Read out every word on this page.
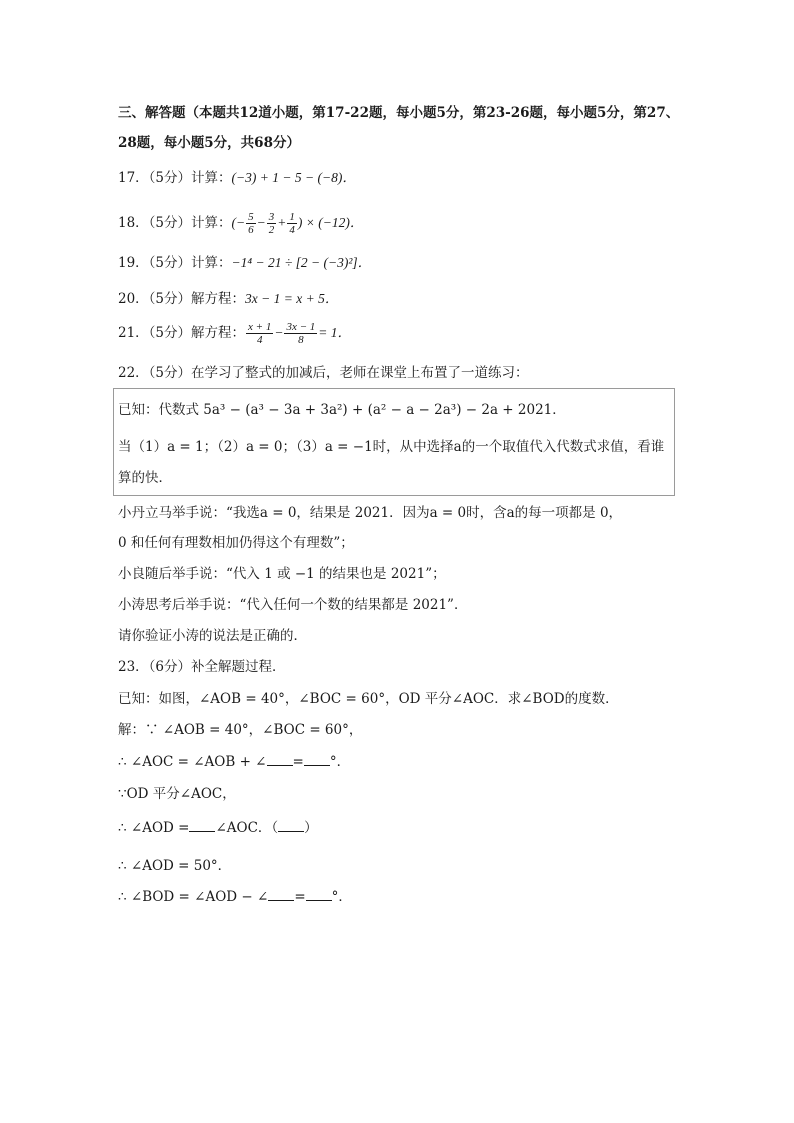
三、解答题（本题共12道小题，第17-22题，每小题5分，第23-26题，每小题5分，第27、
28题，每小题5分，共68分）
17．（5分）计算：(−3) + 1 − 5 − (−8)．
18．（5分）计算：(− $\frac{5}{6} - \frac{3}{2} + \frac{1}{4}$ ) × (−12)．
19．（5分）计算：−1⁴ − 21 ÷ [2 − (−3)²]．
20．（5分）解方程：3x − 1 = x + 5．
21．（5分）解方程： $\frac{x + 1}{4} - \frac{3x - 1}{8} = 1$．
22．（5分）在学习了整式的加减后，老师在课堂上布置了一道练习：
已知：代数式 5a³ − (a³ − 3a + 3a²) + (a² − a − 2a³) − 2a + 2021．
当（1）a = 1；（2）a = 0；（3）a = −1时，从中选择a的一个取值代入代数式求值，看谁
算的快．
小丹立马举手说：“我选a = 0，结果是 2021．因为a = 0时，含a的每一项都是 0，
0 和任何有理数相加仍得这个有理数”；
小良随后举手说：“代入 1 或 −1 的结果也是 2021”；
小涛思考后举手说：“代入任何一个数的结果都是 2021”．
请你验证小涛的说法是正确的．
23．（6分）补全解题过程．
已知：如图，∠AOB = 40°，∠BOC = 60°，OD 平分∠AOC．求∠BOD的度数．
解：∵ ∠AOB = 40°，∠BOC = 60°，
∴ ∠AOC = ∠AOB + ∠ = °．
∵OD 平分∠AOC，
∴ ∠AOD = ∠AOC．（ ）
∴ ∠AOD = 50°．
∴ ∠BOD = ∠AOD − ∠ = °．
